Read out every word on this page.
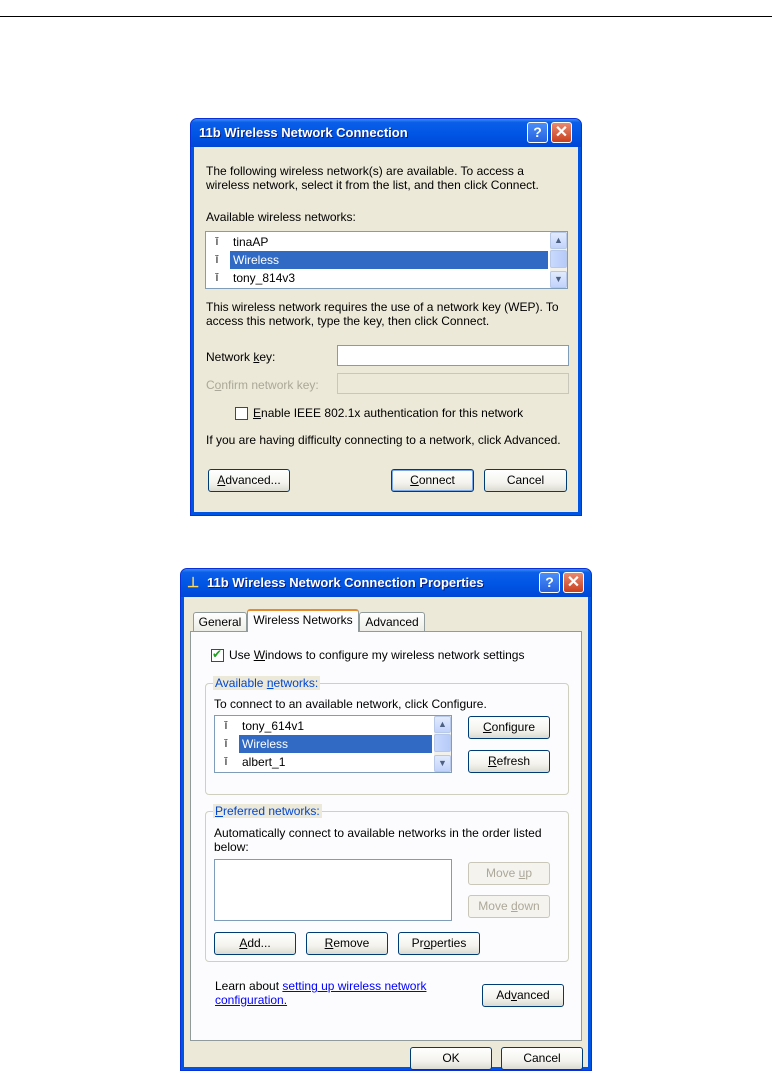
11b Wireless Network Connection	? ✕
The following wireless network(s) are available. To access a
wireless network, select it from the list, and then click Connect.
Available wireless networks:
ǐ	tinaAP
ǐ	Wireless
ǐ	tony_814v3
▲
▼
This wireless network requires the use of a network key (WEP). To
access this network, type the key, then click Connect.
Network key:
Confirm network key:
Enable IEEE 802.1x authentication for this network
If you are having difficulty connecting to a network, click Advanced.
Advanced...	Connect	Cancel
⊥ 11b Wireless Network Connection Properties	? ✕
General Wireless Networks	Advanced
✔
Use Windows to configure my wireless network settings
Available networks:
To connect to an available network, click Configure.
ǐ	tony_614v1
ǐ	Wireless
ǐ	albert_1
▲
▼
Configure
Refresh
Preferred networks:
Automatically connect to available networks in the order listed
below:
Move up
Move down
Add...	Remove	Properties
Learn about setting up wireless network
configuration.	Advanced
OK	Cancel
